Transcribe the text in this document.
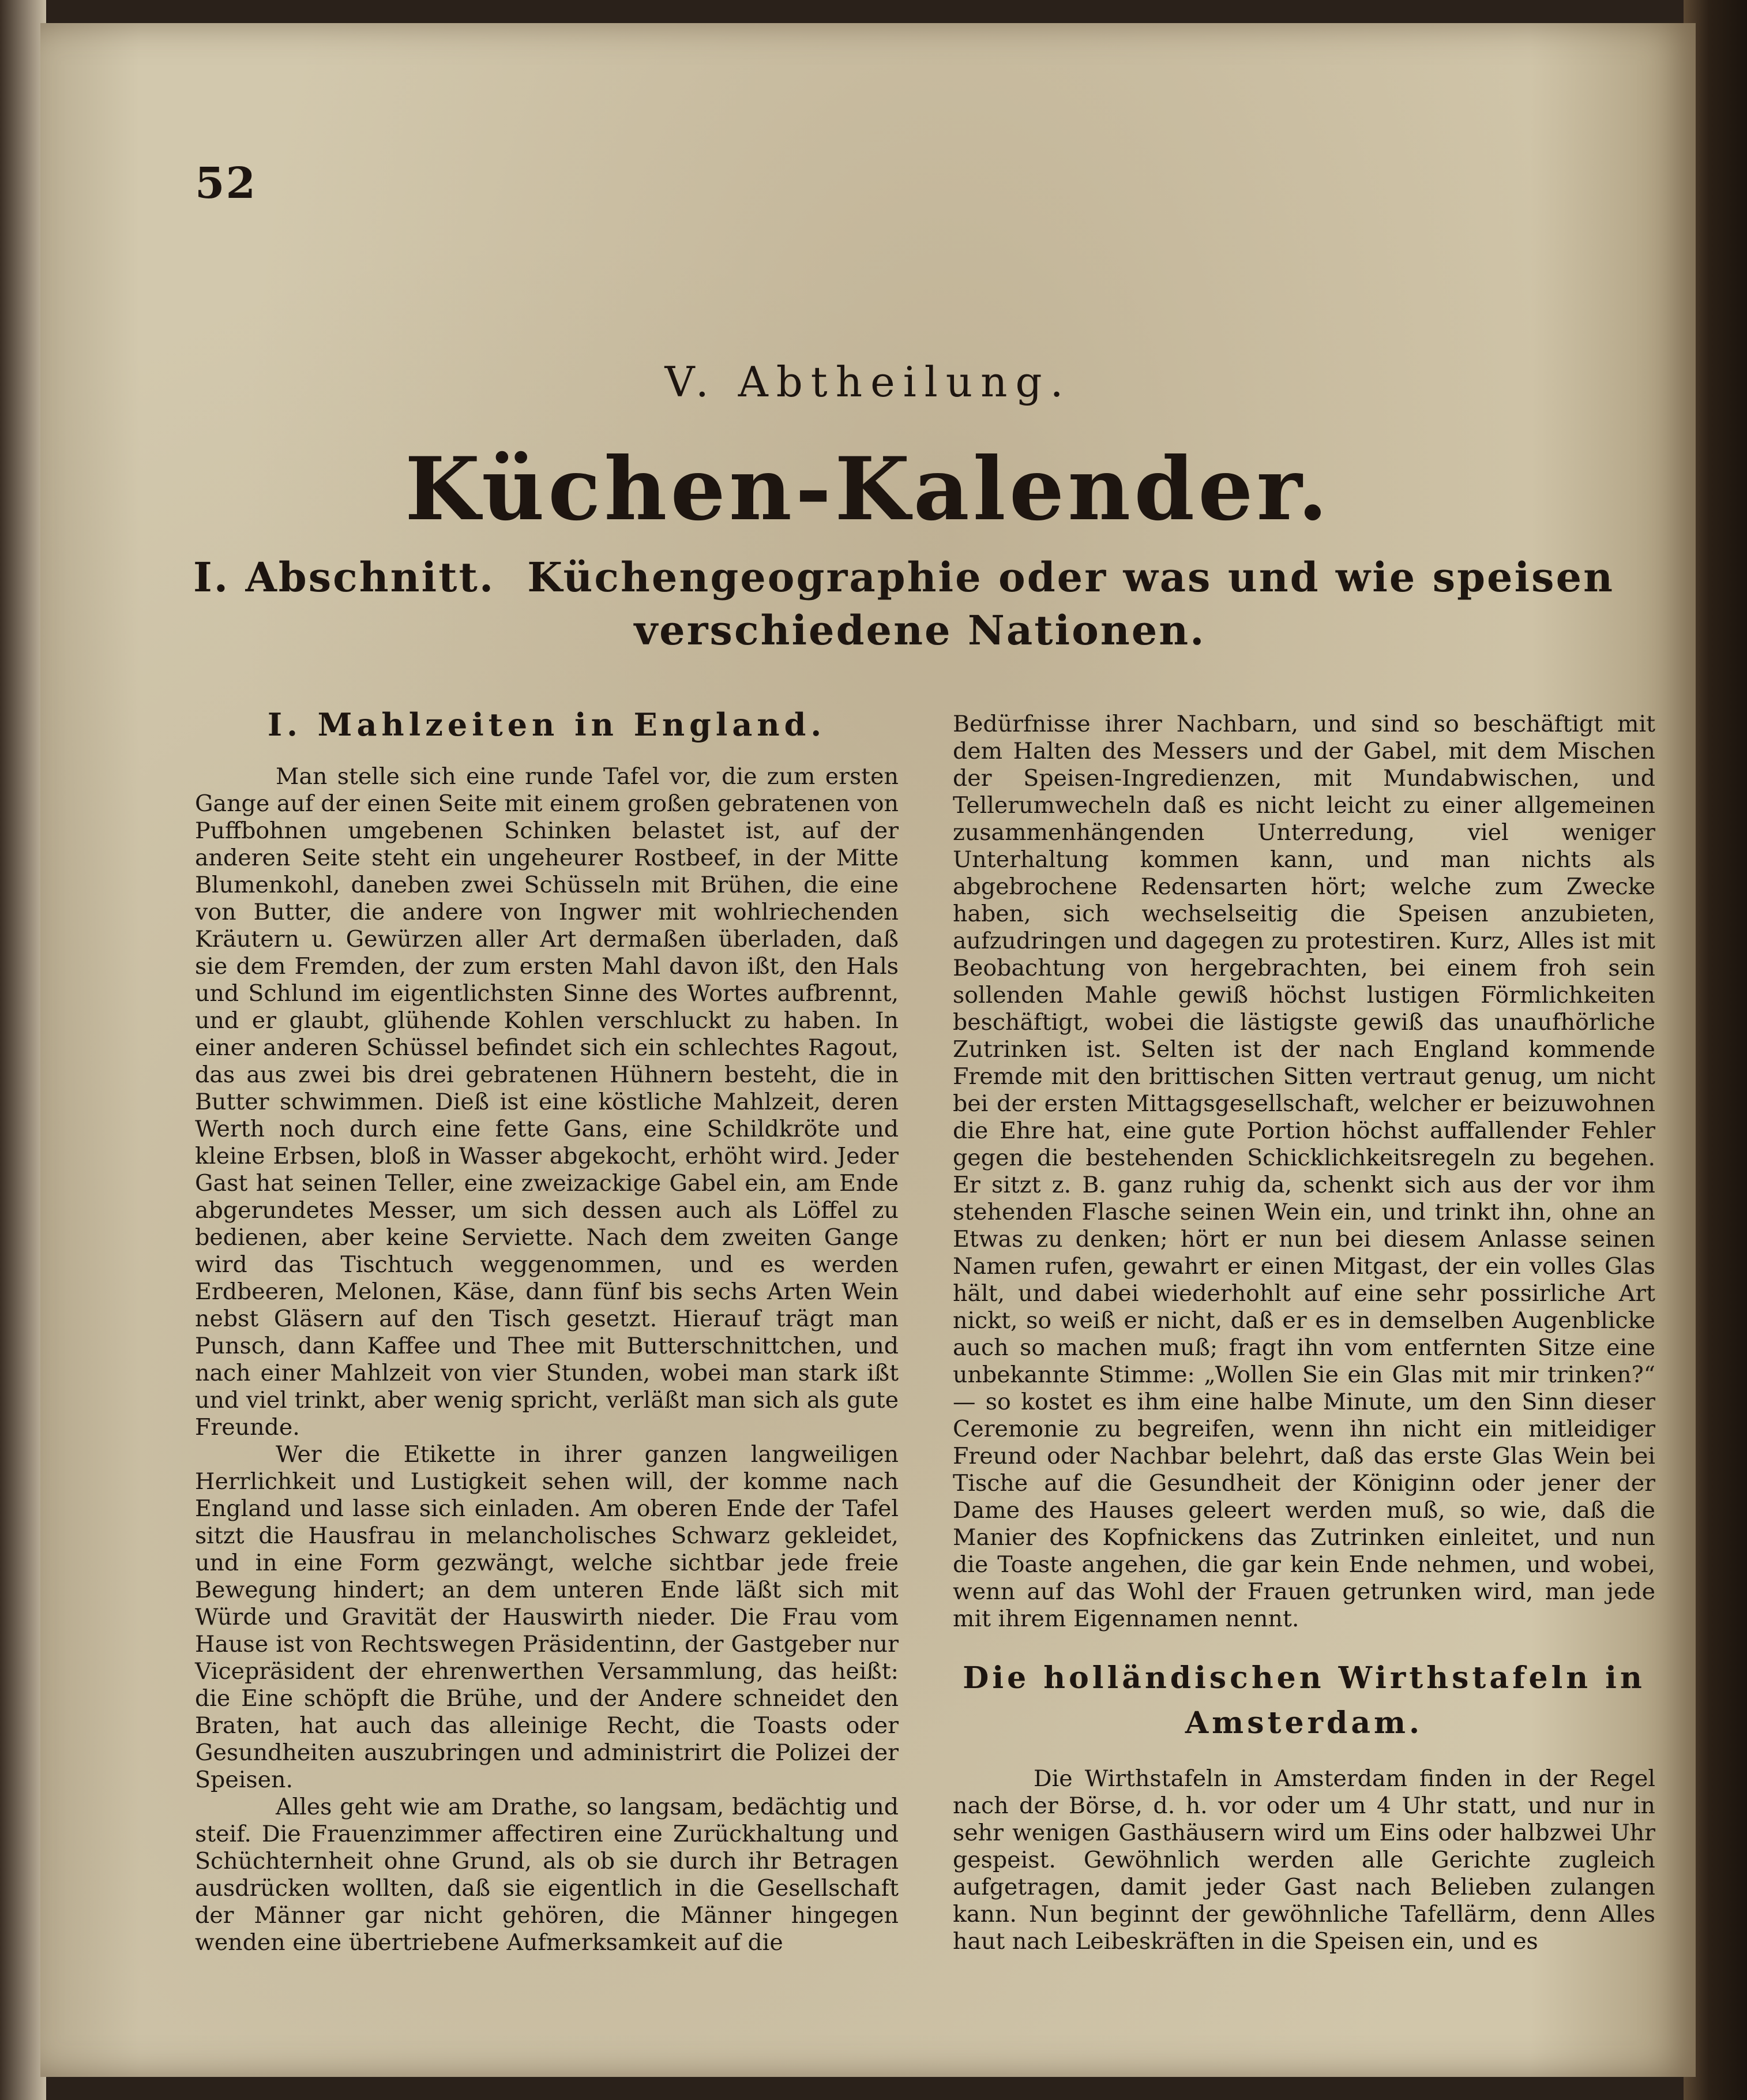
52
V. Abtheilung.
Küchen-Kalender.
I. Abschnitt. Küchengeographie oder was und wie speisen verschiedene Nationen.
I. Mahlzeiten in England.

Man stelle sich eine runde Tafel vor, die zum ersten Gange auf der einen Seite mit einem großen gebratenen von Puffbohnen umgebenen Schinken belastet ist, auf der anderen Seite steht ein ungeheurer Rostbeef, in der Mitte Blumenkohl, daneben zwei Schüsseln mit Brühen, die eine von Butter, die andere von Ingwer mit wohlriechenden Kräutern u. Gewürzen aller Art dermaßen überladen, daß sie dem Fremden, der zum ersten Mahl davon ißt, den Hals und Schlund im eigentlichsten Sinne des Wortes aufbrennt, und er glaubt, glühende Kohlen verschluckt zu haben. In einer anderen Schüssel befindet sich ein schlechtes Ragout, das aus zwei bis drei gebratenen Hühnern besteht, die in Butter schwimmen. Dieß ist eine köstliche Mahlzeit, deren Werth noch durch eine fette Gans, eine Schildkröte und kleine Erbsen, bloß in Wasser abgekocht, erhöht wird. Jeder Gast hat seinen Teller, eine zweizackige Gabel ein, am Ende abgerundetes Messer, um sich dessen auch als Löffel zu bedienen, aber keine Serviette. Nach dem zweiten Gange wird das Tischtuch weggenommen, und es werden Erdbeeren, Melonen, Käse, dann fünf bis sechs Arten Wein nebst Gläsern auf den Tisch gesetzt. Hierauf trägt man Punsch, dann Kaffee und Thee mit Butterschnittchen, und nach einer Mahlzeit von vier Stunden, wobei man stark ißt und viel trinkt, aber wenig spricht, verläßt man sich als gute Freunde.

Wer die Etikette in ihrer ganzen langweiligen Herrlichkeit und Lustigkeit sehen will, der komme nach England und lasse sich einladen. Am oberen Ende der Tafel sitzt die Hausfrau in melancholisches Schwarz gekleidet, und in eine Form gezwängt, welche sichtbar jede freie Bewegung hindert; an dem unteren Ende läßt sich mit Würde und Gravität der Hauswirth nieder. Die Frau vom Hause ist von Rechtswegen Präsidentinn, der Gastgeber nur Vicepräsident der ehrenwerthen Versammlung, das heißt: die Eine schöpft die Brühe, und der Andere schneidet den Braten, hat auch das alleinige Recht, die Toasts oder Gesundheiten auszubringen und administrirt die Polizei der Speisen.

Alles geht wie am Drathe, so langsam, bedächtig und steif. Die Frauenzimmer affectiren eine Zurückhaltung und Schüchternheit ohne Grund, als ob sie durch ihr Betragen ausdrücken wollten, daß sie eigentlich in die Gesellschaft der Männer gar nicht gehören, die Männer hingegen wenden eine übertriebene Aufmerksamkeit auf die

Bedürfnisse ihrer Nachbarn, und sind so beschäftigt mit dem Halten des Messers und der Gabel, mit dem Mischen der Speisen-Ingredienzen, mit Mundabwischen, und Tellerumwecheln daß es nicht leicht zu einer allgemeinen zusammenhängenden Unterredung, viel weniger Unterhaltung kommen kann, und man nichts als abgebrochene Redensarten hört; welche zum Zwecke haben, sich wechselseitig die Speisen anzubieten, aufzudringen und dagegen zu protestiren. Kurz, Alles ist mit Beobachtung von hergebrachten, bei einem froh sein sollenden Mahle gewiß höchst lustigen Förmlichkeiten beschäftigt, wobei die lästigste gewiß das unaufhörliche Zutrinken ist. Selten ist der nach England kommende Fremde mit den brittischen Sitten vertraut genug, um nicht bei der ersten Mittagsgesellschaft, welcher er beizuwohnen die Ehre hat, eine gute Portion höchst auffallender Fehler gegen die bestehenden Schicklichkeitsregeln zu begehen. Er sitzt z. B. ganz ruhig da, schenkt sich aus der vor ihm stehenden Flasche seinen Wein ein, und trinkt ihn, ohne an Etwas zu denken; hört er nun bei diesem Anlasse seinen Namen rufen, gewahrt er einen Mitgast, der ein volles Glas hält, und dabei wiederhohlt auf eine sehr possirliche Art nickt, so weiß er nicht, daß er es in demselben Augenblicke auch so machen muß; fragt ihn vom entfernten Sitze eine unbekannte Stimme: „Wollen Sie ein Glas mit mir trinken?“ — so kostet es ihm eine halbe Minute, um den Sinn dieser Ceremonie zu begreifen, wenn ihn nicht ein mitleidiger Freund oder Nachbar belehrt, daß das erste Glas Wein bei Tische auf die Gesundheit der Königinn oder jener der Dame des Hauses geleert werden muß, so wie, daß die Manier des Kopfnickens das Zutrinken einleitet, und nun die Toaste angehen, die gar kein Ende nehmen, und wobei, wenn auf das Wohl der Frauen getrunken wird, man jede mit ihrem Eigennamen nennt.

Die holländischen Wirthstafeln in Amsterdam.

Die Wirthstafeln in Amsterdam finden in der Regel nach der Börse, d. h. vor oder um 4 Uhr statt, und nur in sehr wenigen Gasthäusern wird um Eins oder halbzwei Uhr gespeist. Gewöhnlich werden alle Gerichte zugleich aufgetragen, damit jeder Gast nach Belieben zulangen kann. Nun beginnt der gewöhnliche Tafellärm, denn Alles haut nach Leibeskräften in die Speisen ein, und es
